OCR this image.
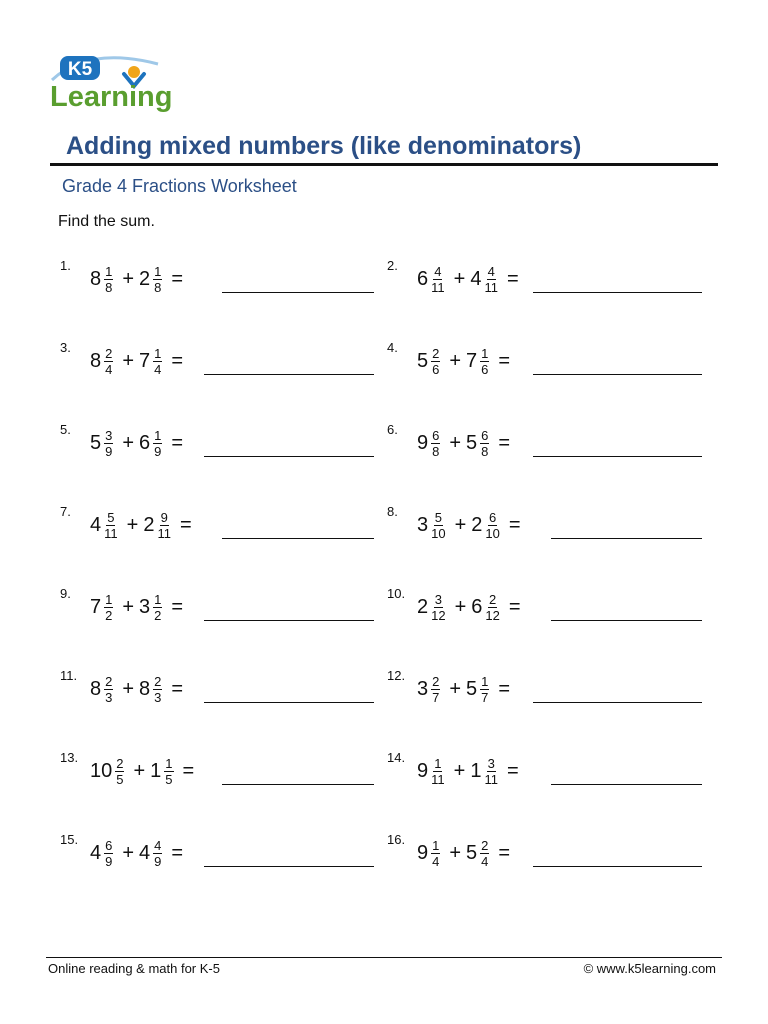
K5
Learning
Adding mixed numbers (like denominators)
Grade 4 Fractions Worksheet
Find the sum.
1.
$8 \frac{1}{8} + 2 \frac{1}{8}$ =
2.
$6 \frac{4}{11} + 4 \frac{4}{11}$ =
3.
$8 \frac{2}{4} + 7 \frac{1}{4}$ =
4.
$5 \frac{2}{6} + 7 \frac{1}{6}$ =
5.
$5 \frac{3}{9} + 6 \frac{1}{9}$ =
6.
$9 \frac{6}{8} + 5 \frac{6}{8}$ =
7.
$4 \frac{5}{11} + 2 \frac{9}{11}$ =
8.
$3 \frac{5}{10} + 2 \frac{6}{10}$ =
9.
$7 \frac{1}{2} + 3 \frac{1}{2}$ =
10.
$2 \frac{3}{12} + 6 \frac{2}{12}$ =
11.
$8 \frac{2}{3} + 8 \frac{2}{3}$ =
12.
$3 \frac{2}{7} + 5 \frac{1}{7}$ =
13.
$10 \frac{2}{5} + 1 \frac{1}{5}$ =
14.
$9 \frac{1}{11} + 1 \frac{3}{11}$ =
15.
$4 \frac{6}{9} + 4 \frac{4}{9}$ =
16.
$9 \frac{1}{4} + 5 \frac{2}{4}$ =
Online reading & math for K-5	© www.k5learning.com
